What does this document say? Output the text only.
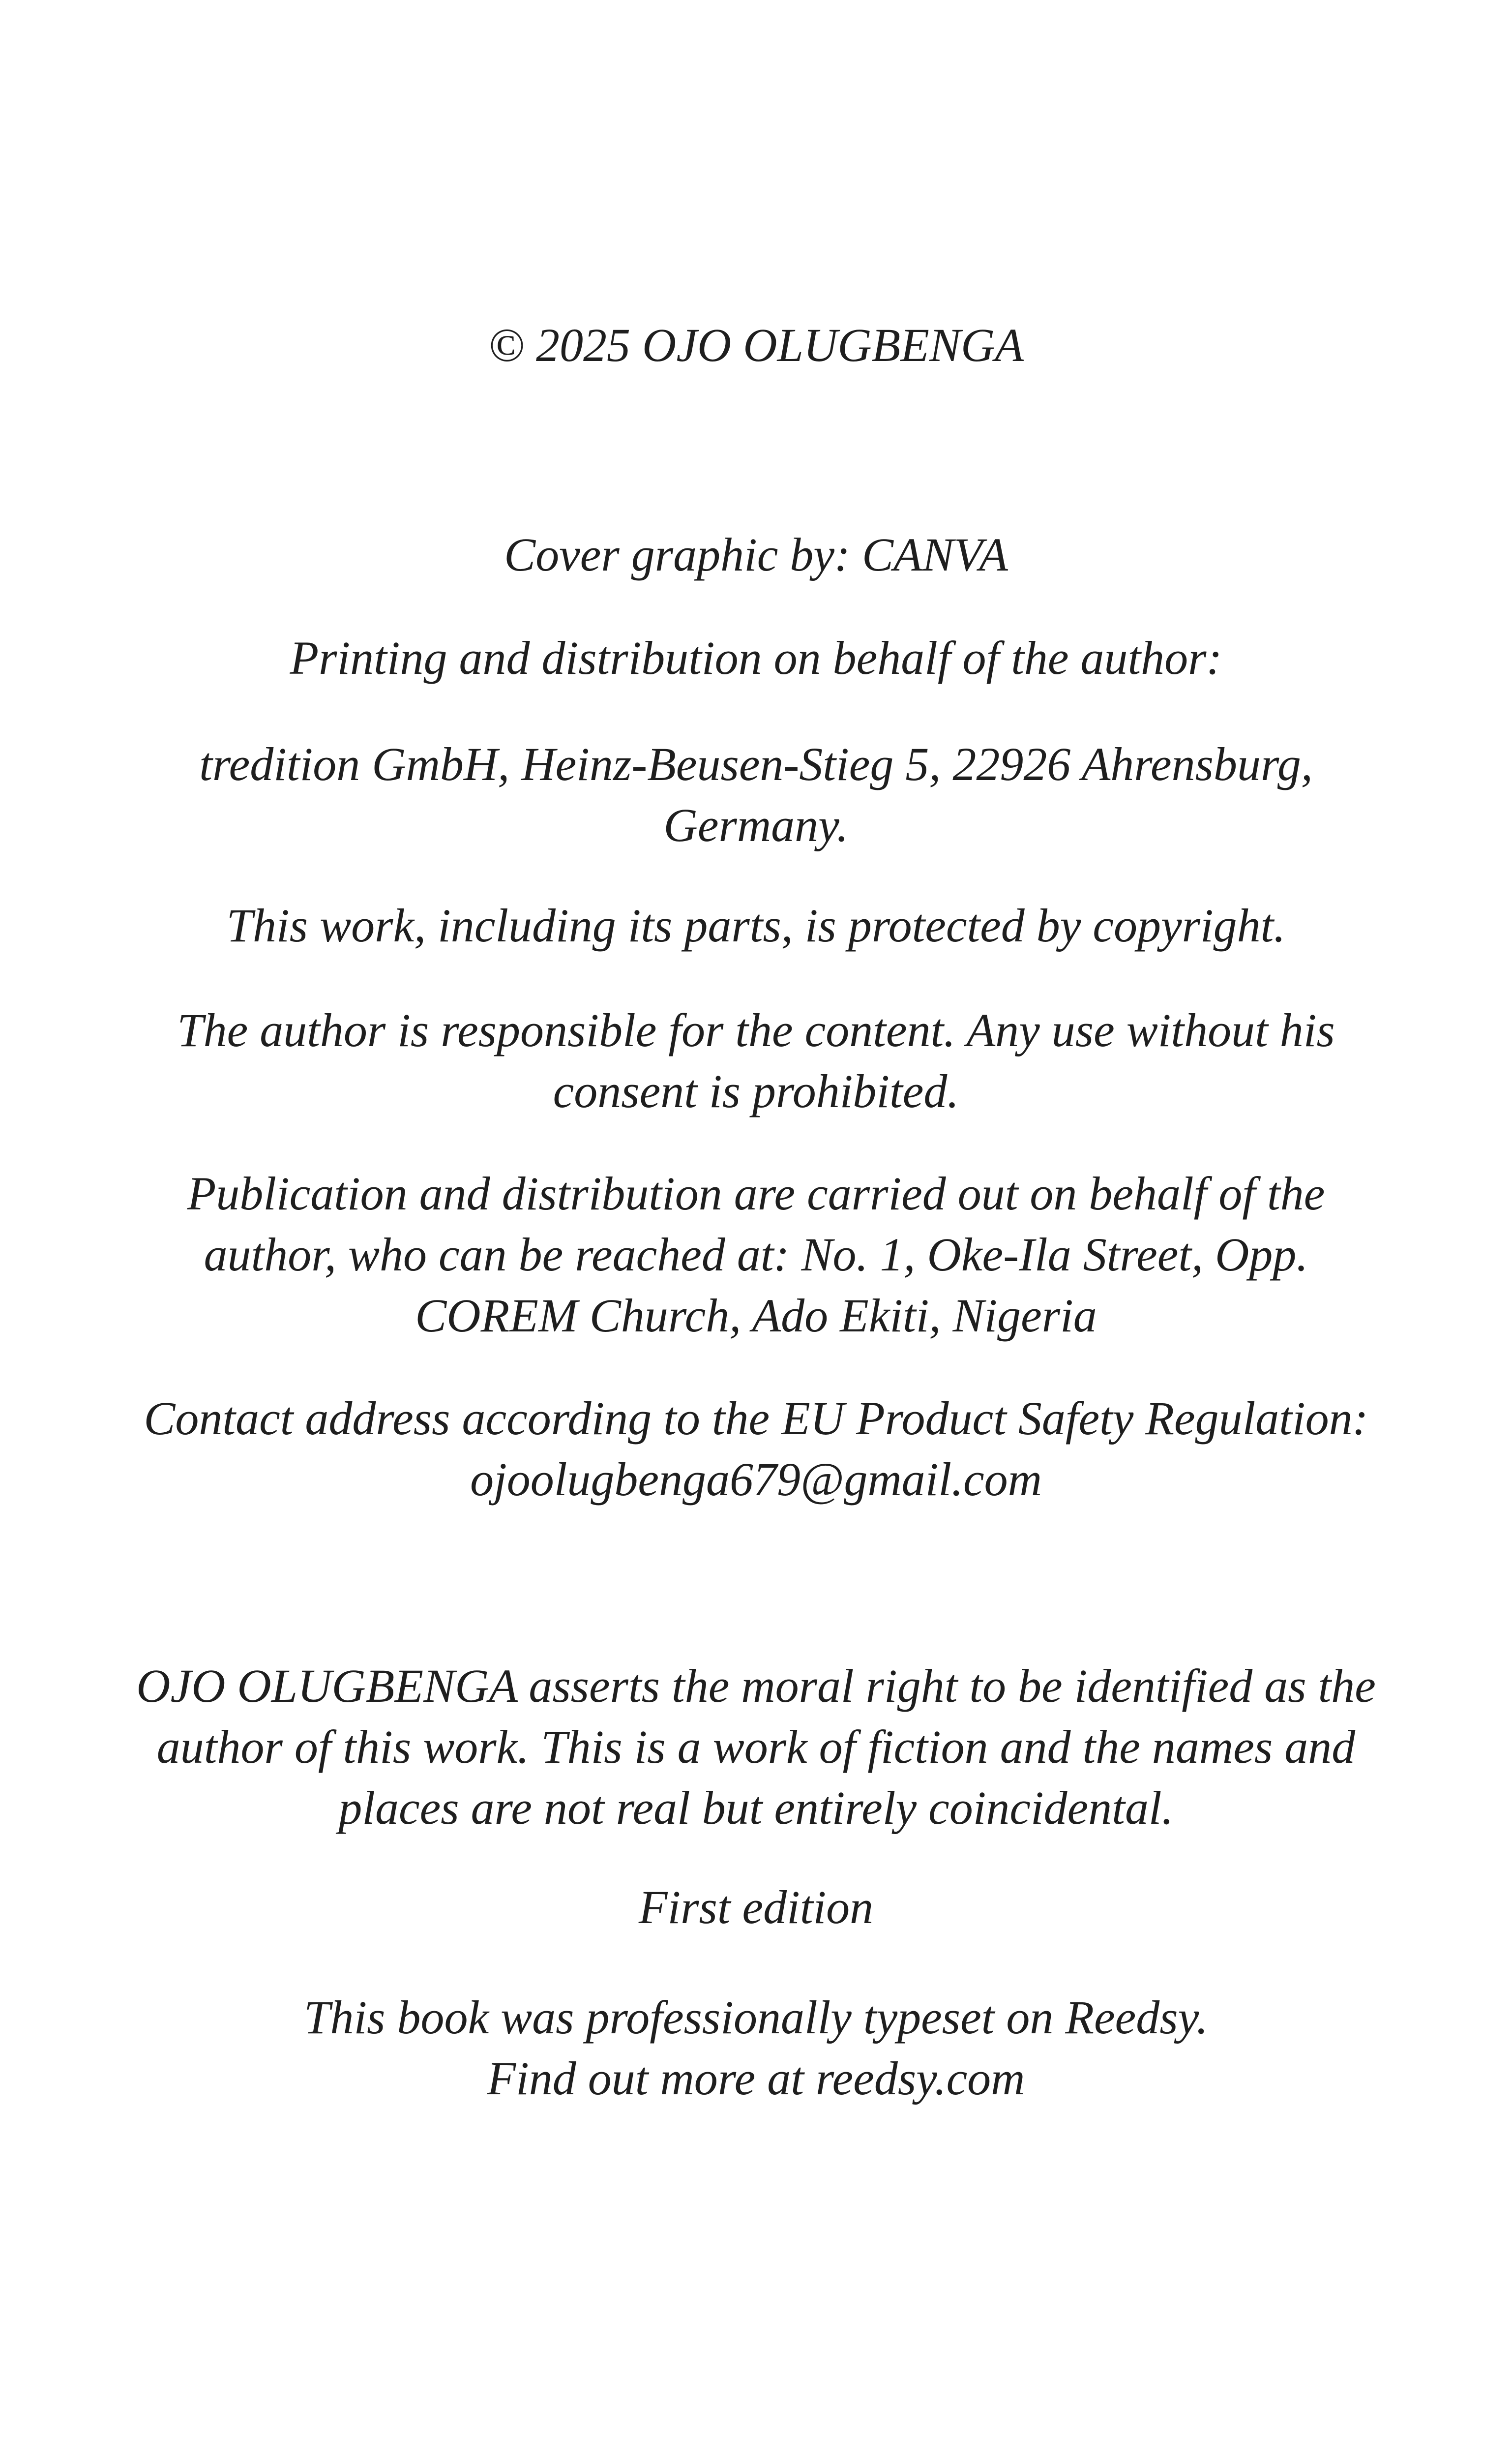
© 2025 OJO OLUGBENGA

Cover graphic by: CANVA

Printing and distribution on behalf of the author:

tredition GmbH, Heinz-Beusen-Stieg 5, 22926 Ahrensburg,
Germany.

This work, including its parts, is protected by copyright.

The author is responsible for the content. Any use without his
consent is prohibited.

Publication and distribution are carried out on behalf of the
author, who can be reached at: No. 1, Oke-Ila Street, Opp.
COREM Church, Ado Ekiti, Nigeria

Contact address according to the EU Product Safety Regulation:
ojoolugbenga679@gmail.com

OJO OLUGBENGA asserts the moral right to be identified as the
author of this work. This is a work of fiction and the names and
places are not real but entirely coincidental.

First edition

This book was professionally typeset on Reedsy.
Find out more at reedsy.com
